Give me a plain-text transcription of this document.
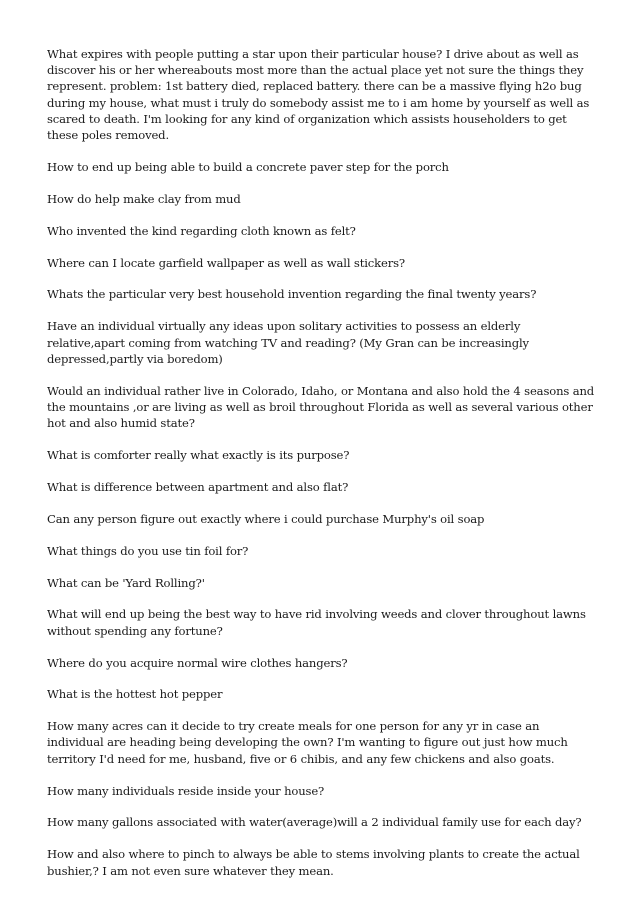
What expires with people putting a star upon their particular house? I drive about as well as discover his or her whereabouts most more than the actual place yet not sure the things they represent. problem: 1st battery died, replaced battery. there can be a massive flying h2o bug during my house, what must i truly do somebody assist me to i am home by yourself as well as scared to death. I'm looking for any kind of organization which assists householders to get these poles removed.

How to end up being able to build a concrete paver step for the porch

How do help make clay from mud

Who invented the kind regarding cloth known as felt?

Where can I locate garfield wallpaper as well as wall stickers?

Whats the particular very best household invention regarding the final twenty years?

Have an individual virtually any ideas upon solitary activities to possess an elderly relative,apart coming from watching TV and reading? (My Gran can be increasingly depressed,partly via boredom)

Would an individual rather live in Colorado, Idaho, or Montana and also hold the 4 seasons and the mountains ,or are living as well as broil throughout Florida as well as several various other hot and also humid state?

What is comforter really what exactly is its purpose?

What is difference between apartment and also flat?

Can any person figure out exactly where i could purchase Murphy's oil soap

What things do you use tin foil for?

What can be 'Yard Rolling?'

What will end up being the best way to have rid involving weeds and clover throughout lawns without spending any fortune?

Where do you acquire normal wire clothes hangers?

What is the hottest hot pepper

How many acres can it decide to try create meals for one person for any yr in case an individual are heading being developing the own? I'm wanting to figure out just how much territory I'd need for me, husband, five or 6 chibis, and any few chickens and also goats.

How many individuals reside inside your house?

How many gallons associated with water(average)will a 2 individual family use for each day?

How and also where to pinch to always be able to stems involving plants to create the actual bushier,? I am not even sure whatever they mean.
